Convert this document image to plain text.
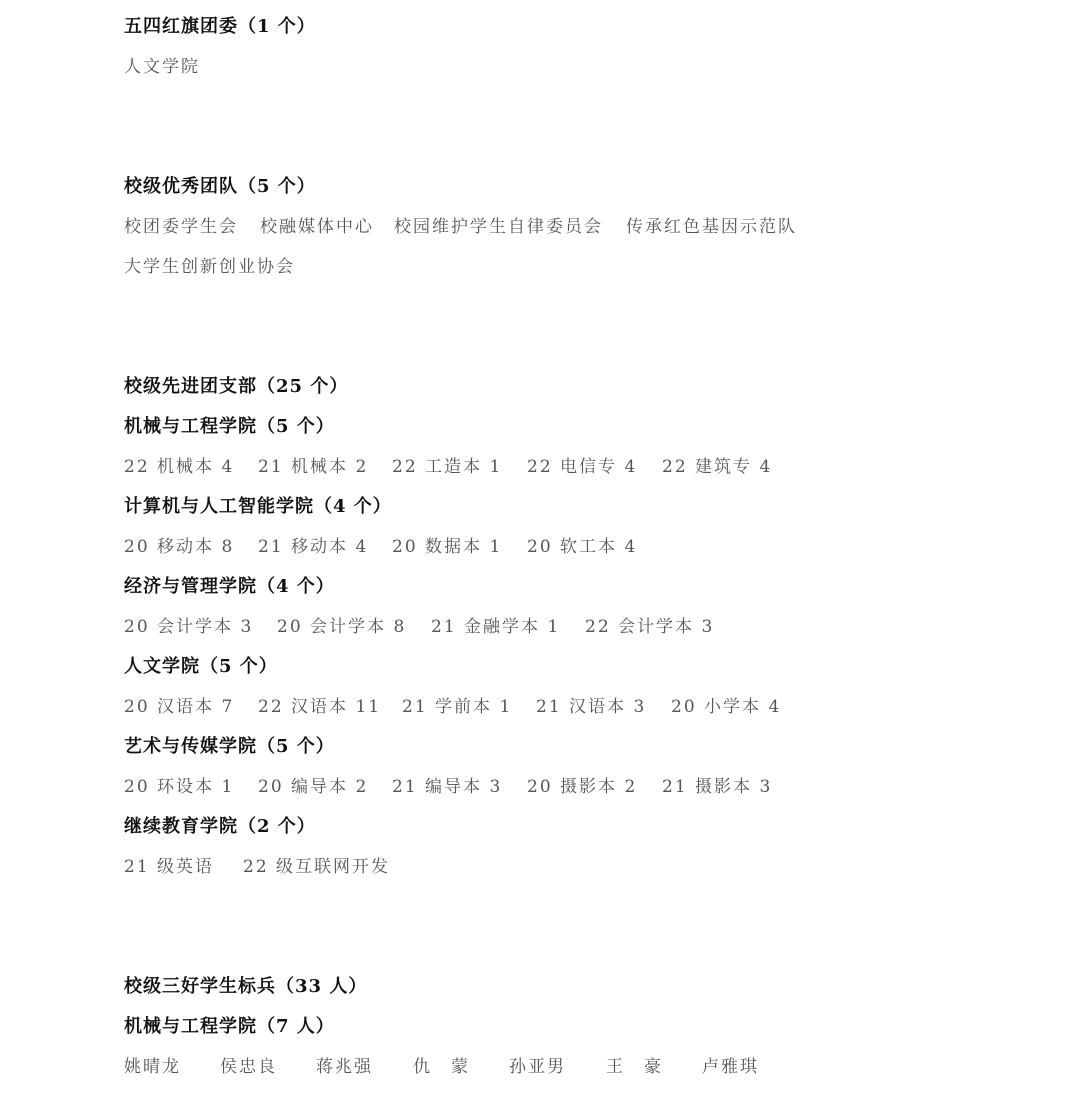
五四红旗团委（1 个）
人文学院
校级优秀团队（5 个）
校团委学生会 校融媒体中心 校园维护学生自律委员会 传承红色基因示范队
大学生创新创业协会
校级先进团支部（25 个）
机械与工程学院（5 个）
22 机械本 4 21 机械本 2 22 工造本 1 22 电信专 4 22 建筑专 4
计算机与人工智能学院（4 个）
20 移动本 8 21 移动本 4 20 数据本 1 20 软工本 4
经济与管理学院（4 个）
20 会计学本 3 20 会计学本 8 21 金融学本 1 22 会计学本 3
人文学院（5 个）
20 汉语本 7 22 汉语本 11 21 学前本 1 21 汉语本 3 20 小学本 4
艺术与传媒学院（5 个）
20 环设本 1 20 编导本 2 21 编导本 3 20 摄影本 2 21 摄影本 3
继续教育学院（2 个）
21 级英语 22 级互联网开发
校级三好学生标兵（33 人）
机械与工程学院（7 人）
姚晴龙 侯忠良 蒋兆强 仇　蒙 孙亚男 王　豪 卢雅琪
